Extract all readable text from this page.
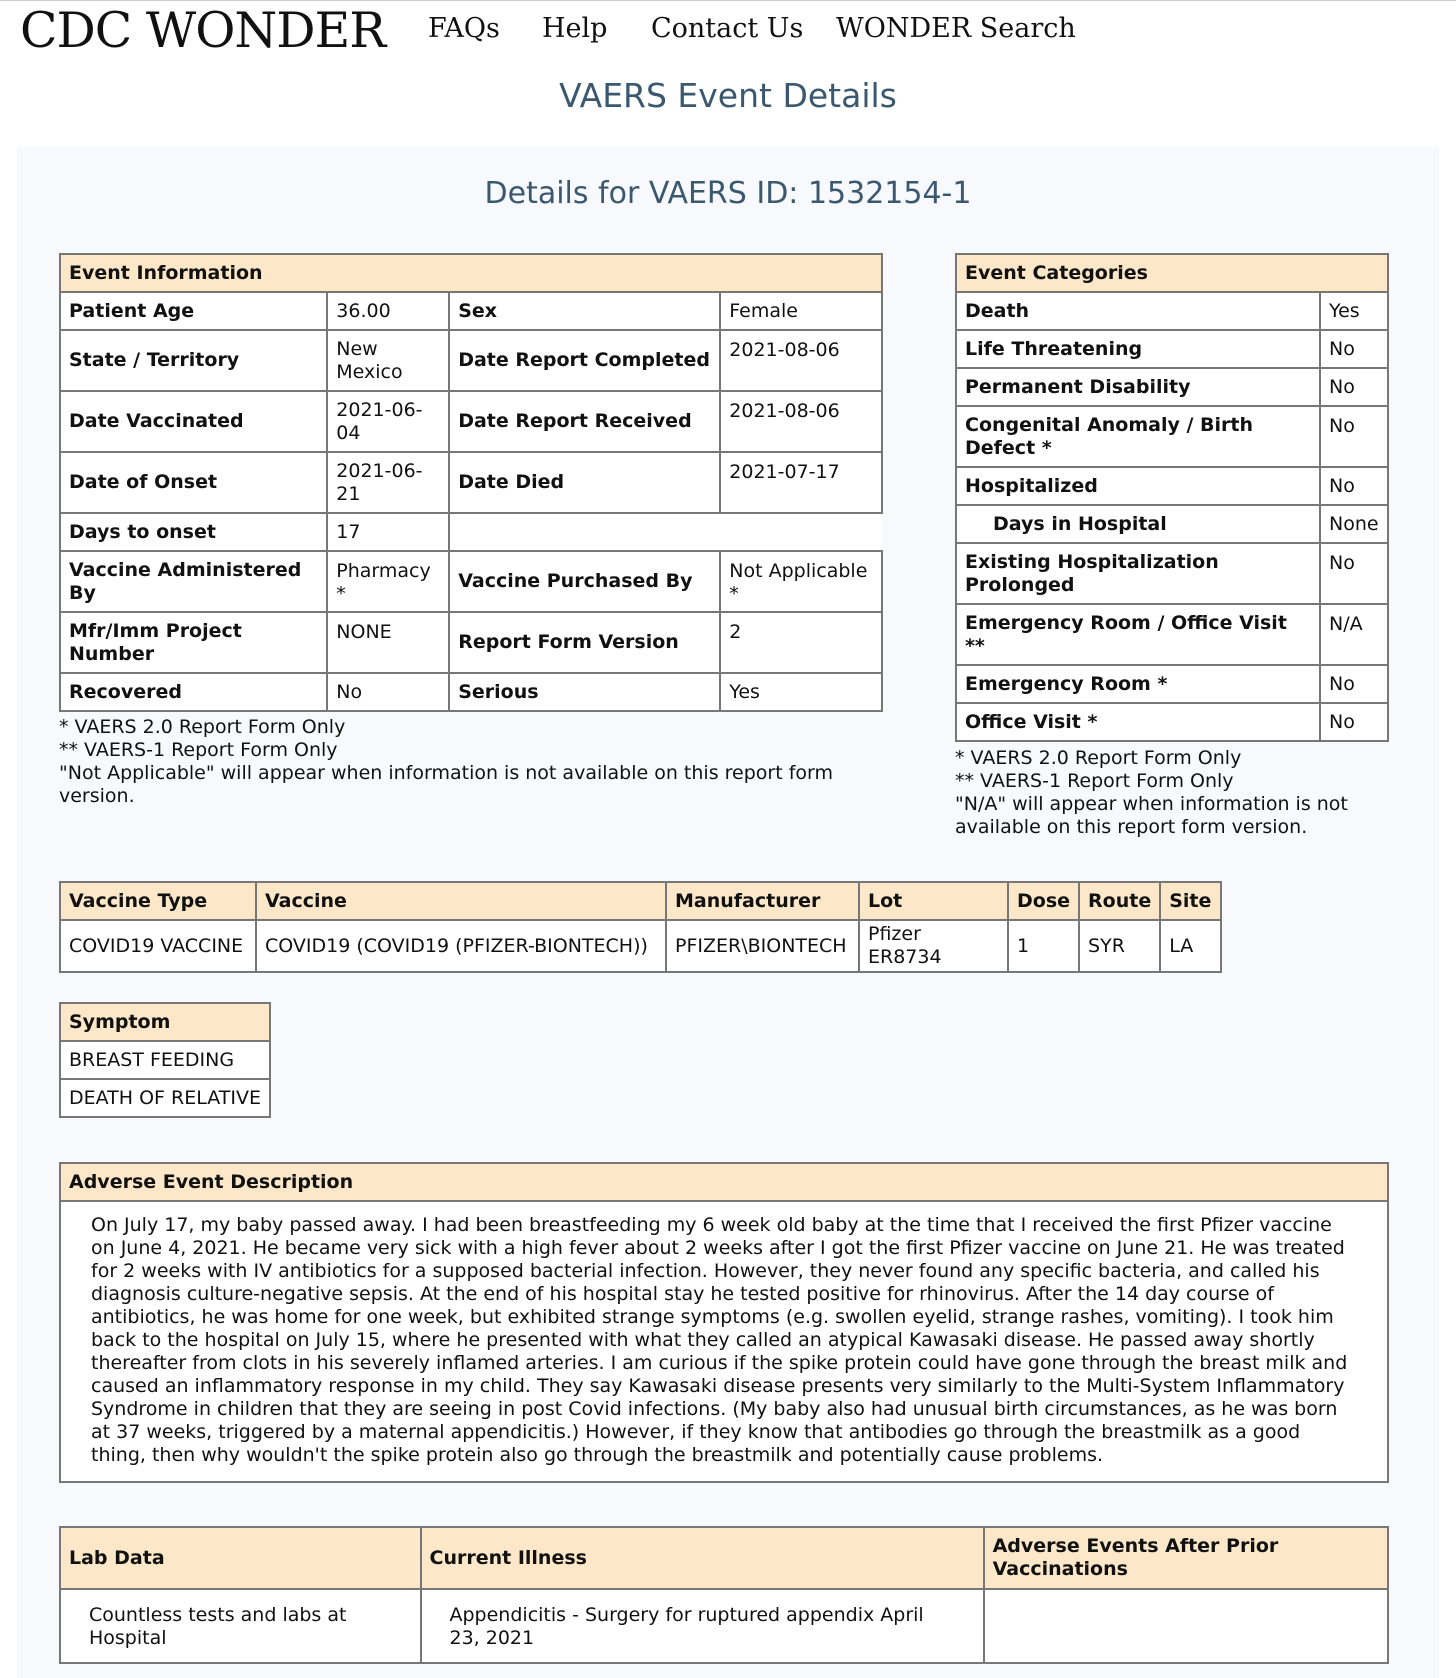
CDC WONDER FAQs Help Contact Us WONDER Search
VAERS Event Details
Details for VAERS ID: 1532154-1
Event Information			
Patient Age	36.00	Sex	Female
State / Territory	New Mexico	Date Report Completed	2021-08-06
Date Vaccinated	2021-06-04	Date Report Received	2021-08-06
Date of Onset	2021-06-21	Date Died	2021-07-17
Days to onset	17		
Vaccine Administered By	Pharmacy *	Vaccine Purchased By	Not Applicable *
Mfr/Imm Project Number	NONE	Report Form Version	2
Recovered	No	Serious	Yes
* VAERS 2.0 Report Form Only
** VAERS-1 Report Form Only
"Not Applicable" will appear when information is not available on this report form version.
Event Categories	
Death	Yes
Life Threatening	No
Permanent Disability	No
Congenital Anomaly / Birth Defect *	No
Hospitalized	No
Days in Hospital	None
Existing Hospitalization Prolonged	No
Emergency Room / Office Visit **	N/A
Emergency Room *	No
Office Visit *	No
* VAERS 2.0 Report Form Only
** VAERS-1 Report Form Only
"N/A" will appear when information is not available on this report form version.
Vaccine Type	Vaccine	Manufacturer	Lot	Dose	Route	Site
COVID19 VACCINE	COVID19 (COVID19 (PFIZER-BIONTECH))	PFIZER\BIONTECH	Pfizer ER8734	1	SYR	LA
Symptom
BREAST FEEDING
DEATH OF RELATIVE
Adverse Event Description
On July 17, my baby passed away. I had been breastfeeding my 6 week old baby at the time that I received the first Pfizer vaccine on June 4, 2021. He became very sick with a high fever about 2 weeks after I got the first Pfizer vaccine on June 21. He was treated for 2 weeks with IV antibiotics for a supposed bacterial infection. However, they never found any specific bacteria, and called his diagnosis culture-negative sepsis. At the end of his hospital stay he tested positive for rhinovirus. After the 14 day course of antibiotics, he was home for one week, but exhibited strange symptoms (e.g. swollen eyelid, strange rashes, vomiting). I took him back to the hospital on July 15, where he presented with what they called an atypical Kawasaki disease. He passed away shortly thereafter from clots in his severely inflamed arteries. I am curious if the spike protein could have gone through the breast milk and caused an inflammatory response in my child. They say Kawasaki disease presents very similarly to the Multi-System Inflammatory Syndrome in children that they are seeing in post Covid infections. (My baby also had unusual birth circumstances, as he was born at 37 weeks, triggered by a maternal appendicitis.) However, if they know that antibodies go through the breastmilk as a good thing, then why wouldn't the spike protein also go through the breastmilk and potentially cause problems.
Lab Data	Current Illness	Adverse Events After Prior Vaccinations
Countless tests and labs at Hospital	Appendicitis - Surgery for ruptured appendix April 23, 2021	
